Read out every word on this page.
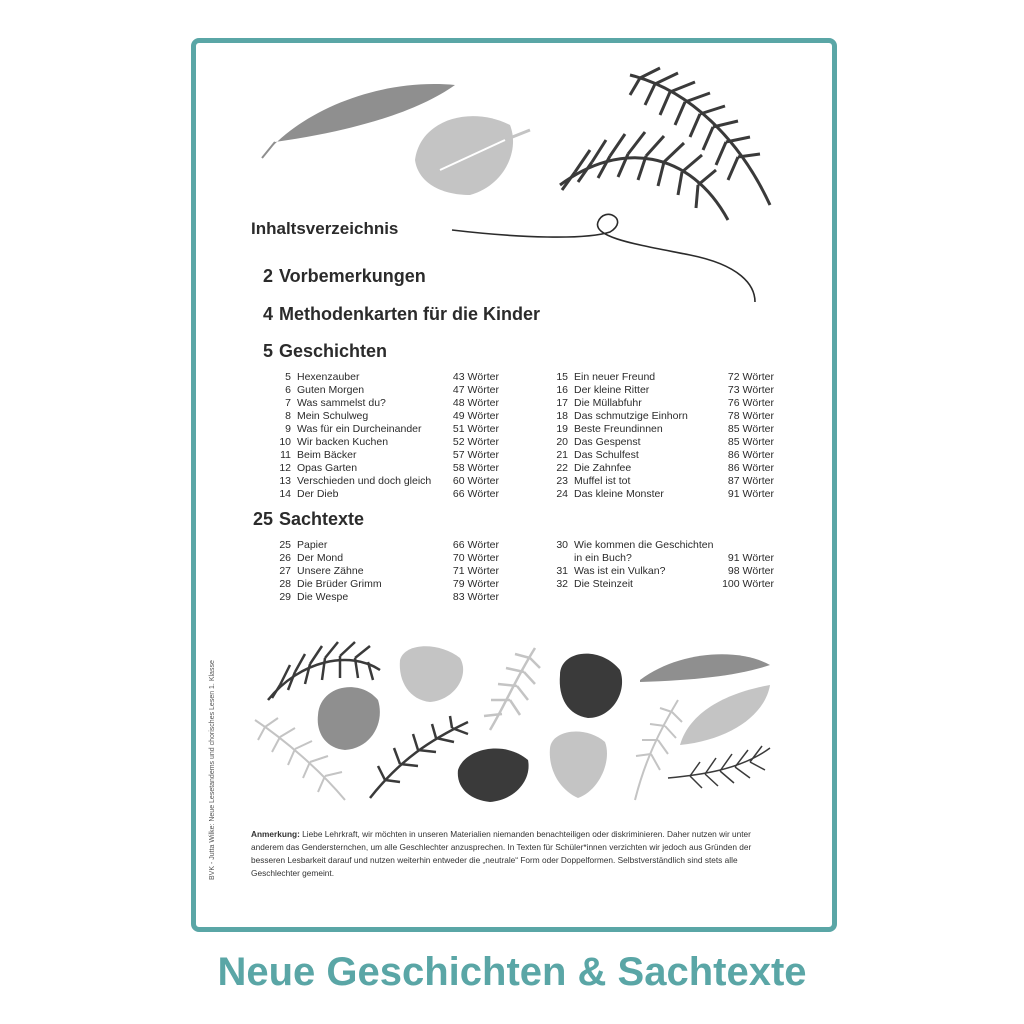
Inhaltsverzeichnis
2 Vorbemerkungen
4 Methodenkarten für die Kinder
5 Geschichten
5 Hexenzauber	43 Wörter
6 Guten Morgen	47 Wörter
7 Was sammelst du?	48 Wörter
8 Mein Schulweg	49 Wörter
9 Was für ein Durcheinander	51 Wörter
10 Wir backen Kuchen	52 Wörter
11 Beim Bäcker	57 Wörter
12 Opas Garten	58 Wörter
13 Verschieden und doch gleich 60 Wörter
14 Der Dieb	66 Wörter
15 Ein neuer Freund	72 Wörter
16 Der kleine Ritter	73 Wörter
17 Die Müllabfuhr	76 Wörter
18 Das schmutzige Einhorn	78 Wörter
19 Beste Freundinnen	85 Wörter
20 Das Gespenst	85 Wörter
21 Das Schulfest	86 Wörter
22 Die Zahnfee	86 Wörter
23 Muffel ist tot	87 Wörter
24 Das kleine Monster	91 Wörter
25 Sachtexte
25 Papier	66 Wörter
26 Der Mond	70 Wörter
27 Unsere Zähne	71 Wörter
28 Die Brüder Grimm	79 Wörter
29 Die Wespe	83 Wörter
30 Wie kommen die Geschichten
in ein Buch?	91 Wörter
31 Was ist ein Vulkan?	98 Wörter
32 Die Steinzeit	100 Wörter
BVK - Jutta Wilke: Neue Lesetandems und chorisches Lesen 1. Klasse	Anmerkung: Liebe Lehrkraft, wir möchten in unseren Materialien niemanden benachteiligen oder diskriminieren. Daher nutzen wir unter anderem das Gendersternchen, um alle Geschlechter anzusprechen. In Texten für Schüler*innen verzichten wir jedoch aus Gründen der besseren Lesbarkeit darauf und nutzen weiterhin entweder die „neutrale“ Form oder Doppelformen. Selbstverständlich sind stets alle Geschlechter gemeint.
Neue Geschichten & Sachtexte
